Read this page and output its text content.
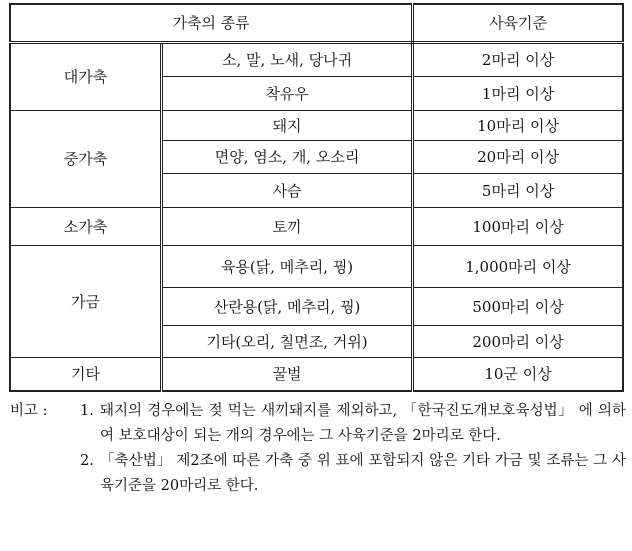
가축의 종류		사육기준
대가축	소, 말, 노새, 당나귀	2마리 이상
	착유우	1마리 이상
중가축	돼지	10마리 이상
	면양, 염소, 개, 오소리	20마리 이상
	사슴	5마리 이상
소가축	토끼	100마리 이상
가금	육용(닭, 메추리, 꿩)	1,000마리 이상
	산란용(닭, 메추리, 꿩)	500마리 이상
	기타(오리, 칠면조, 거위)	200마리 이상
기타	꿀벌	10군 이상
비고 :	1. 돼지의 경우에는 젖 먹는 새끼돼지를 제외하고, 「한국진도개보호육성법」 에 의하여 보호대상이 되는 개의 경우에는 그 사육기준을 2마리로 한다.
2. 「축산법」 제2조에 따른 가축 중 위 표에 포함되지 않은 기타 가금 및 조류는 그 사육기준을 20마리로 한다.
